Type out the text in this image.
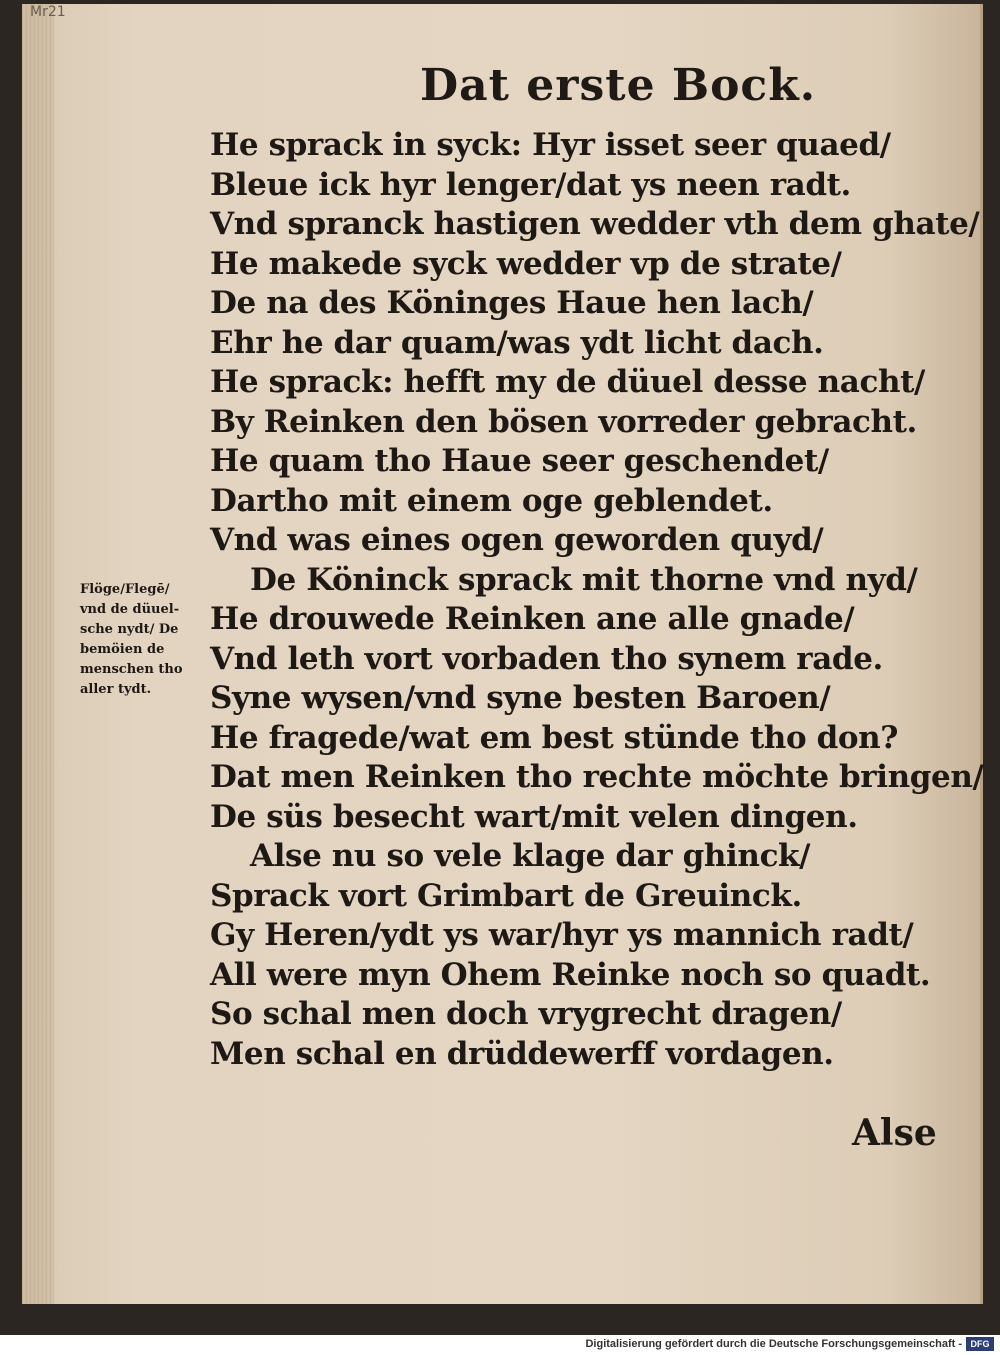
Mr21
Dat erste Bock.
He sprack in syck: Hyr isset seer quaed/
Bleue ick hyr lenger/dat ys neen radt.
Vnd spranck hastigen wedder vth dem ghate/
He makede syck wedder vp de strate/
De na des Köninges Haue hen lach/
Ehr he dar quam/was ydt licht dach.
He sprack: hefft my de düuel desse nacht/
By Reinken den bösen vorreder gebracht.
He quam tho Haue seer geschendet/
Dartho mit einem oge geblendet.
Vnd was eines ogen geworden quyd/
De Köninck sprack mit thorne vnd nyd/
He drouwede Reinken ane alle gnade/
Vnd leth vort vorbaden tho synem rade.
Syne wysen/vnd syne besten Baroen/
He fragede/wat em best stünde tho don?
Dat men Reinken tho rechte möchte bringen/
De süs besecht wart/mit velen dingen.
Alse nu so vele klage dar ghinck/
Sprack vort Grimbart de Greuinck.
Gy Heren/ydt ys war/hyr ys mannich radt/
All were myn Ohem Reinke noch so quadt.
So schal men doch vrygrecht dragen/
Men schal en drüddewerff vordagen.
Flöge/Flegē/
vnd de düuel-
sche nydt/ De
bemöien de
menschen tho
aller tydt.
Alse
Digitalisierung gefördert durch die Deutsche Forschungsgemeinschaft - DFG
